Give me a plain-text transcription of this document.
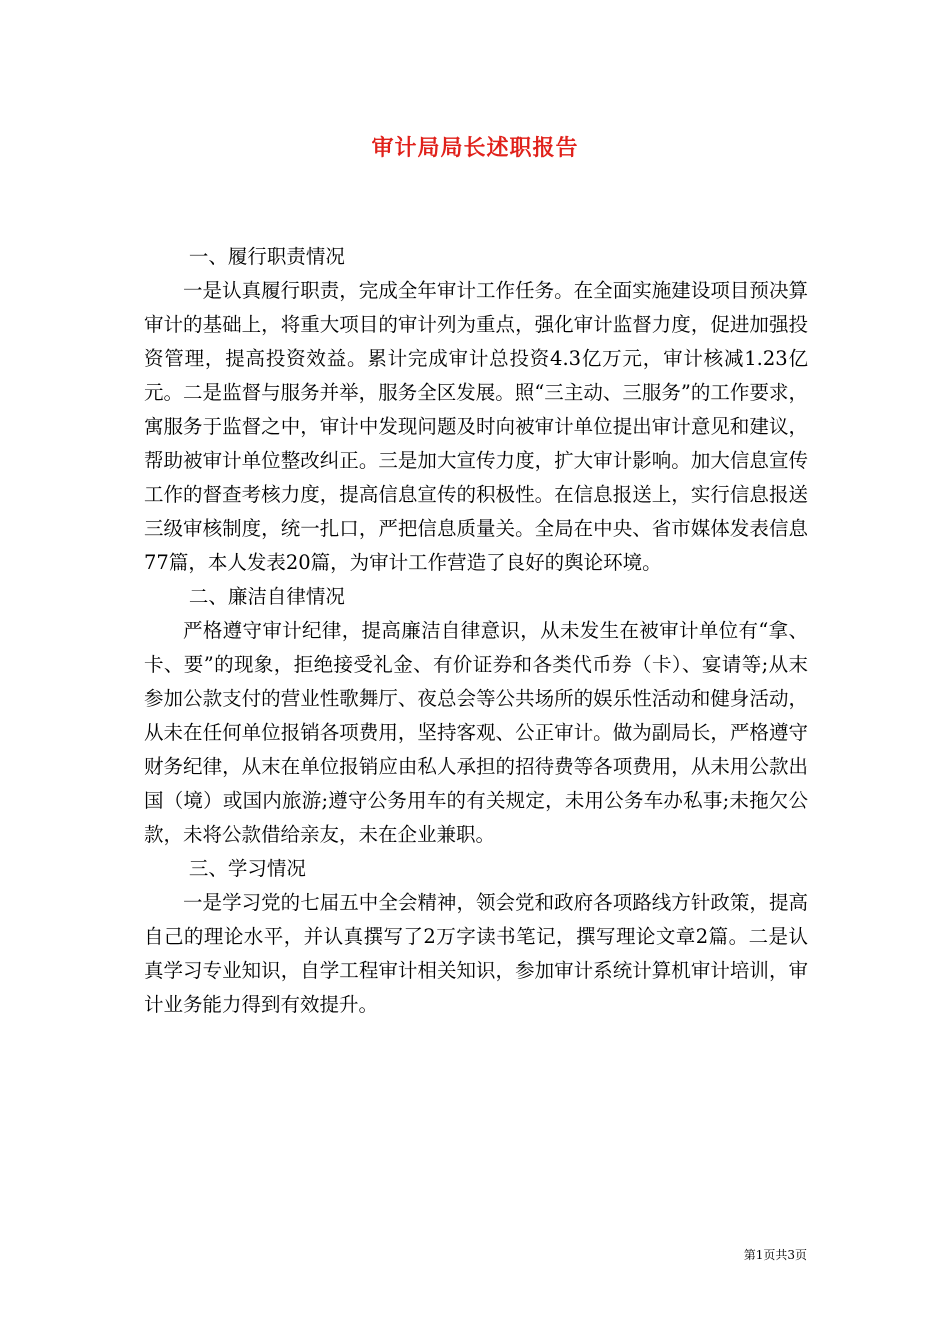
审计局局长述职报告

一、履行职责情况

一是认真履行职责，完成全年审计工作任务。在全面实施建设项目预决算审计的基础上，将重大项目的审计列为重点，强化审计监督力度，促进加强投资管理，提高投资效益。累计完成审计总投资4.3亿万元，审计核减1.23亿元。二是监督与服务并举，服务全区发展。照“三主动、三服务”的工作要求，寓服务于监督之中，审计中发现问题及时向被审计单位提出审计意见和建议，帮助被审计单位整改纠正。三是加大宣传力度，扩大审计影响。加大信息宣传工作的督查考核力度，提高信息宣传的积极性。在信息报送上，实行信息报送三级审核制度，统一扎口，严把信息质量关。全局在中央、省市媒体发表信息77篇，本人发表20篇，为审计工作营造了良好的舆论环境。

二、廉洁自律情况

严格遵守审计纪律，提高廉洁自律意识，从未发生在被审计单位有“拿、卡、要”的现象，拒绝接受礼金、有价证券和各类代币券（卡）、宴请等;从末参加公款支付的营业性歌舞厅、夜总会等公共场所的娱乐性活动和健身活动，从未在任何单位报销各项费用，坚持客观、公正审计。做为副局长，严格遵守财务纪律，从末在单位报销应由私人承担的招待费等各项费用，从未用公款出国（境）或国内旅游;遵守公务用车的有关规定，未用公务车办私事;未拖欠公款，未将公款借给亲友，未在企业兼职。

三、学习情况

一是学习党的七届五中全会精神，领会党和政府各项路线方针政策，提高自己的理论水平，并认真撰写了2万字读书笔记，撰写理论文章2篇。二是认真学习专业知识，自学工程审计相关知识，参加审计系统计算机审计培训，审计业务能力得到有效提升。

第1页共3页
